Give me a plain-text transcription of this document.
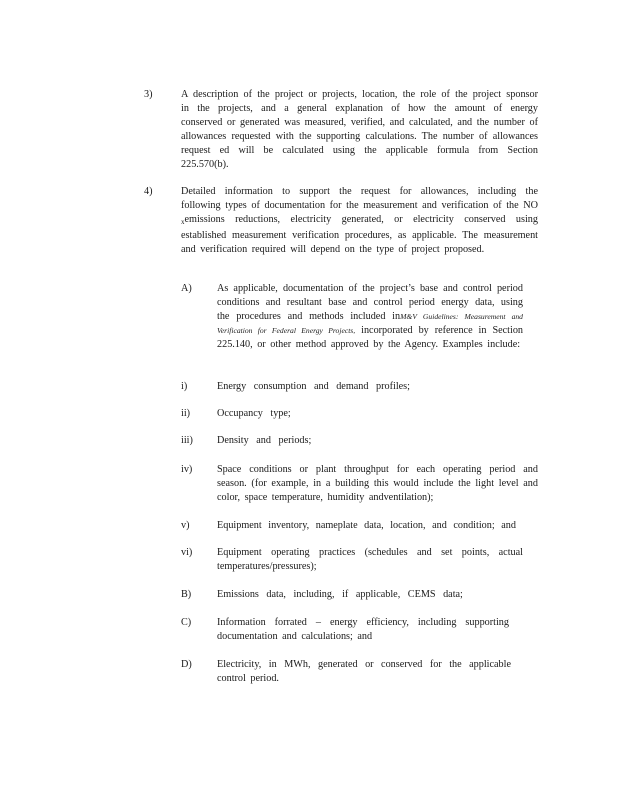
3)	A description of the project or projects, location, the role of the project sponsor in the projects, and a general explanation of how the amount of energy conserved or generated was measured, verified, and calculated, and the number of allowances requested with the supporting calculations. The number of allowances request ed will be calculated using the applicable formula from Section 225.570(b).
4)	Detailed information to support the request for allowances, including the following types of documentation for the measurement and verification of the NO $_x$emissions reductions, electricity generated, or electricity conserved using established measurement verification procedures, as applicable. The measurement and verification required will depend on the type of project proposed.
A) As applicable, documentation of the project’s base and control period conditions and resultant base and control period energy data, using the procedures and methods included inM&V Guidelines: Measurement and Verification for Federal Energy Projects, incorporated by reference in Section 225.140, or other method approved by the Agency. Examples include:
i)	Energy consumption and demand profiles;
ii)	Occupancy type;
iii) Density and periods;
iv) Space conditions or plant throughput for each operating period and season. (for example, in a building this would include the light level and color, space temperature, humidity andventilation);
v)	Equipment inventory, nameplate data, location, and condition; and
vi) Equipment operating practices (schedules and set points, actual temperatures/pressures);
B)	Emissions data, including, if applicable, CEMS data;
C)	Information forrated – energy efficiency, including supporting documentation and calculations; and
D) Electricity, in MWh, generated or conserved for the applicable control period.
